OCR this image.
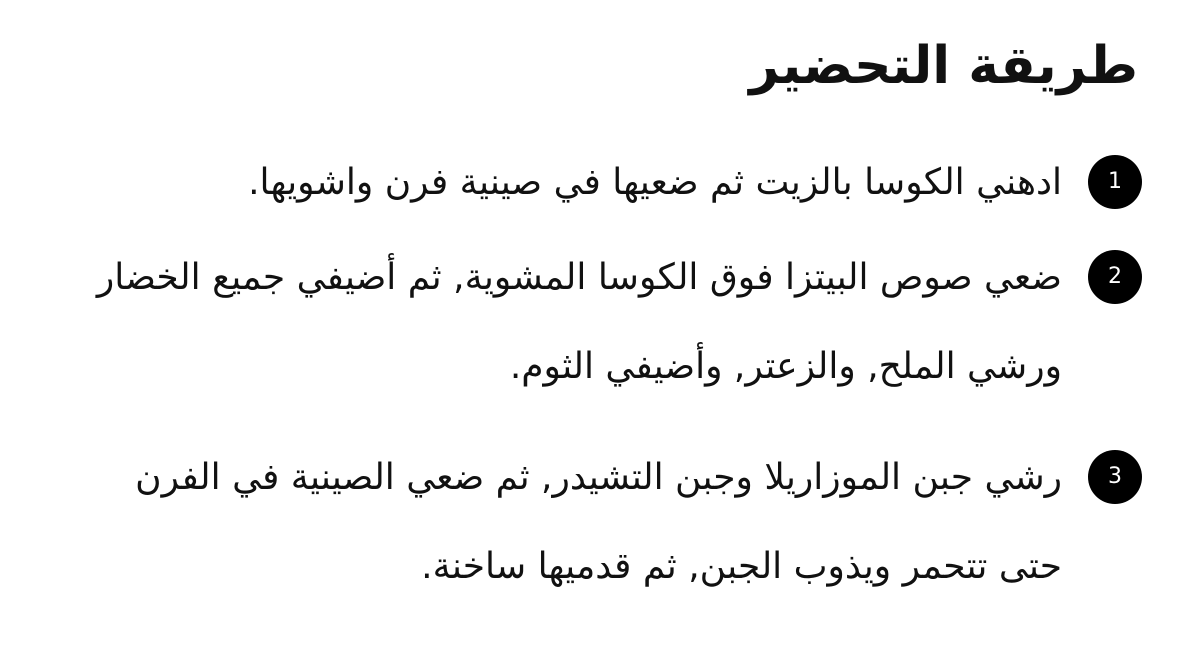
طريقة التحضير
1
ادهني الكوسا بالزيت ثم ضعيها في صينية فرن واشويها.
2
ضعي صوص البيتزا فوق الكوسا المشوية, ثم أضيفي جميع الخضار ورشي الملح, والزعتر, وأضيفي الثوم.
3
رشي جبن الموزاريلا وجبن التشيدر, ثم ضعي الصينية في الفرن حتى تتحمر ويذوب الجبن, ثم قدميها ساخنة.
